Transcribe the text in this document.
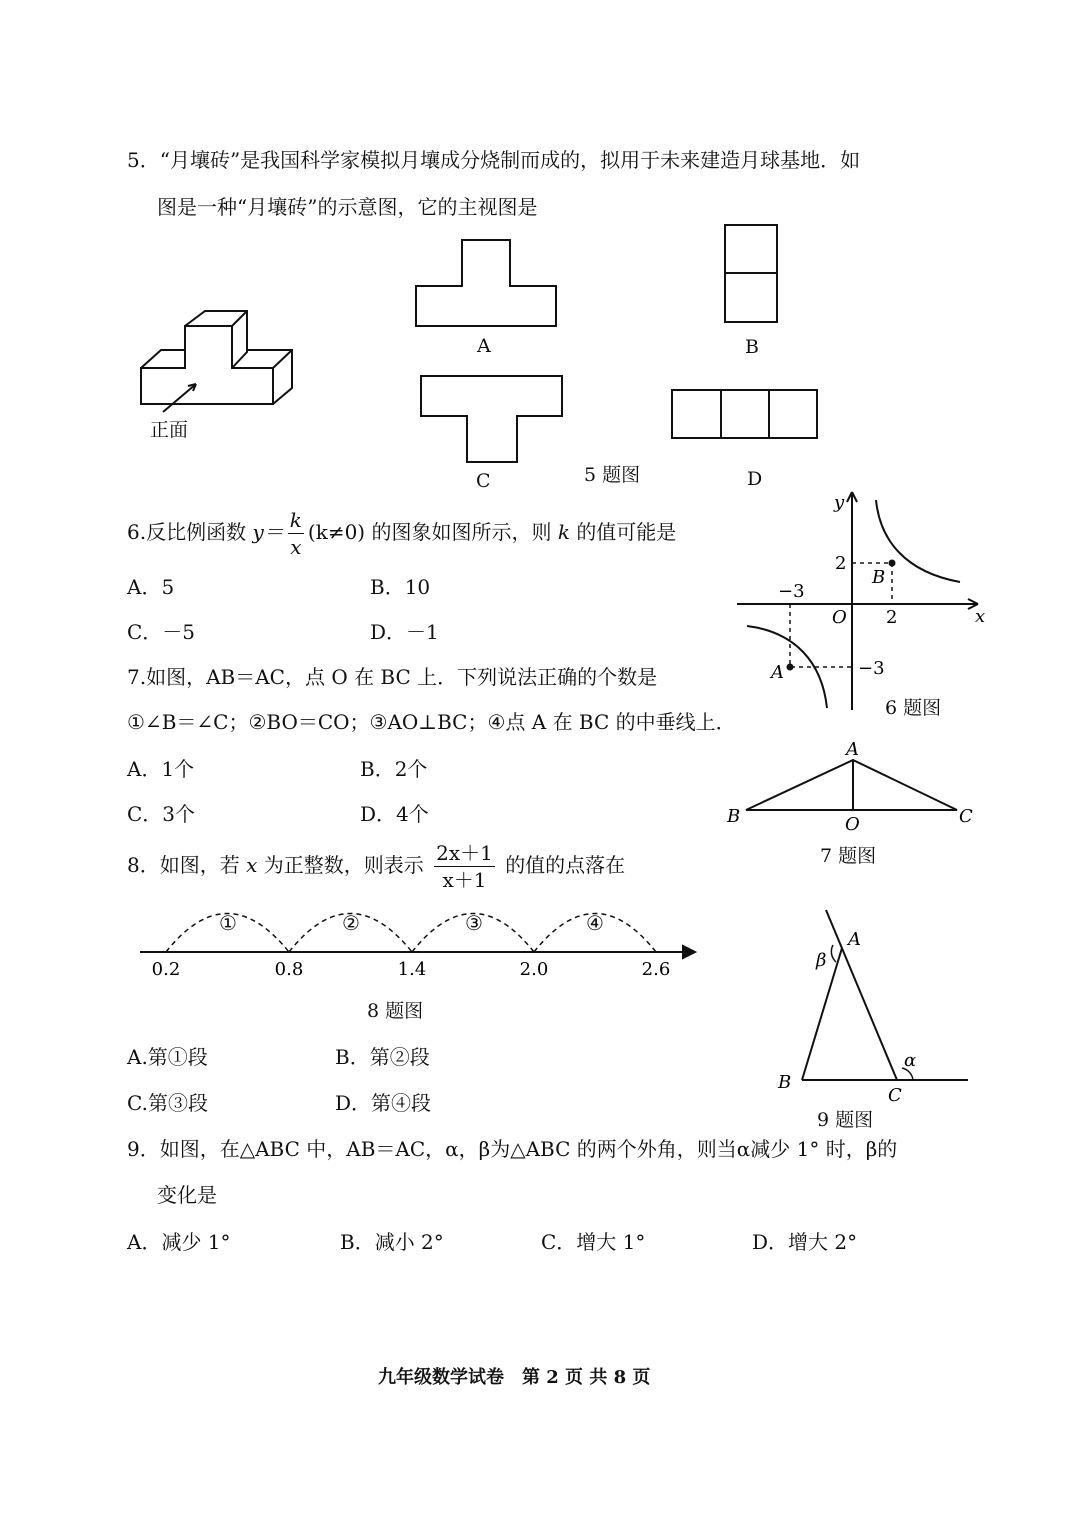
5．“月壤砖”是我国科学家模拟月壤成分烧制而成的，拟用于未来建造月球基地．如
图是一种“月壤砖”的示意图，它的主视图是
正面
A	B
C	D
5 题图
6.反比例函数 $y= \frac{k}{x} (k\ne 0)$ 的图象如图所示，则 k 的值可能是
A．5	B．10
C．－5	D．－1
y
x
O
2
2
−3
−3
A
B
6 题图
7.如图，AB＝AC，点 O 在 BC 上．下列说法正确的个数是
①∠B＝∠C；②BO＝CO；③AO⊥BC；④点 A 在 BC 的中垂线上．
A．1个	B．2个
C．3个	D．4个
A
B	C
O
7 题图
8．如图，若 x 为正整数，则表示 $\frac{2x+1}{x+1}$ 的值的点落在
0.2	0.8	1.4	2.0	2.6
①	②	③	④
8 题图
A.第①段	B．第②段
C.第③段	D．第④段
A
β
B
C
α
9 题图
9．如图，在△ABC 中，AB＝AC，α，β为△ABC 的两个外角，则当α减少 1° 时，β的
变化是
A．减少 1°	B．减小 2°	C．增大 1°	D．增大 2°
九年级数学试卷　第 2 页 共 8 页
